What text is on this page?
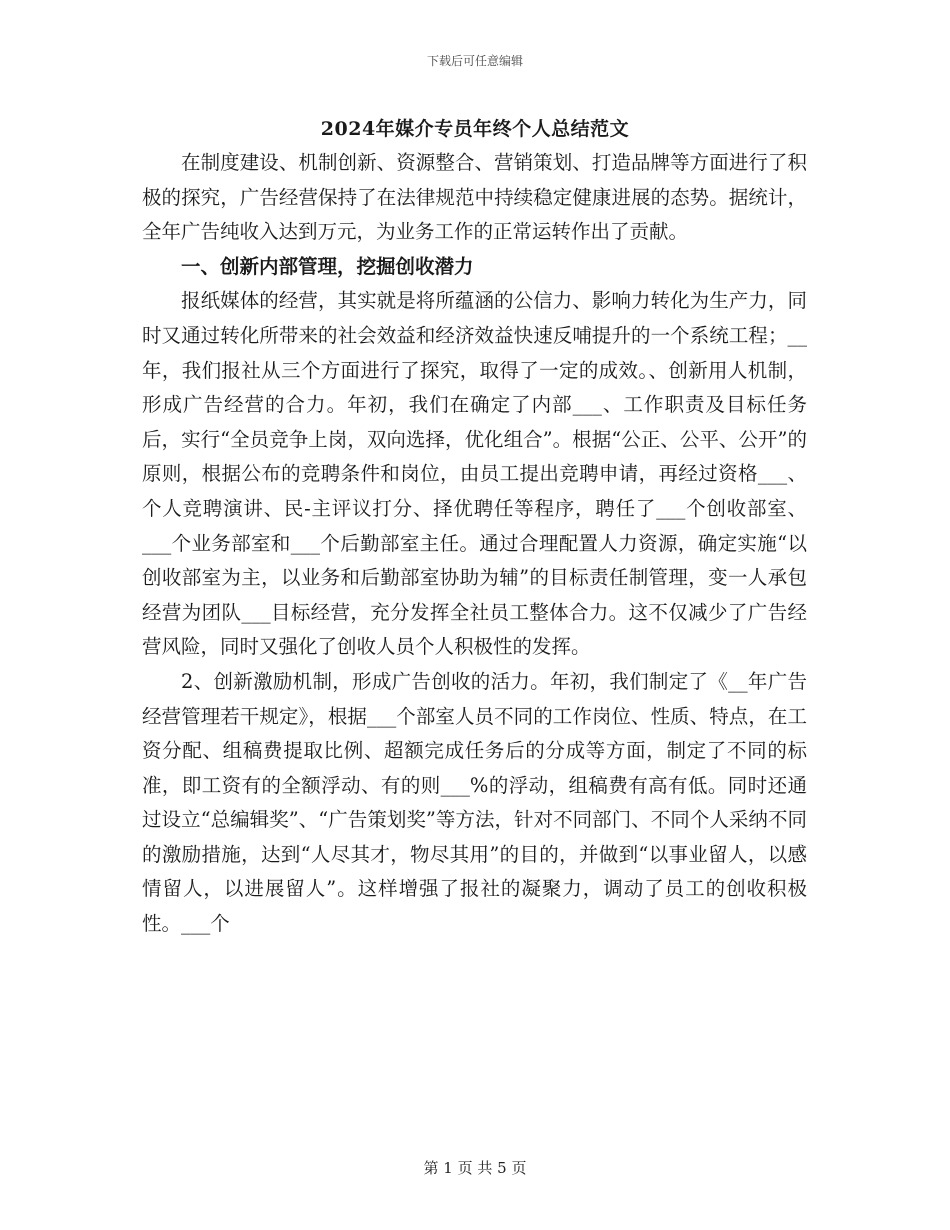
下载后可任意编辑
2024年媒介专员年终个人总结范文

在制度建设、机制创新、资源整合、营销策划、打造品牌等方面进行了积极的探究，广告经营保持了在法律规范中持续稳定健康进展的态势。据统计，全年广告纯收入达到万元，为业务工作的正常运转作出了贡献。

一、创新内部管理，挖掘创收潜力

报纸媒体的经营，其实就是将所蕴涵的公信力、影响力转化为生产力，同时又通过转化所带来的社会效益和经济效益快速反哺提升的一个系统工程；__年，我们报社从三个方面进行了探究，取得了一定的成效。、创新用人机制，形成广告经营的合力。年初，我们在确定了内部___、工作职责及目标任务后，实行“全员竞争上岗，双向选择，优化组合”。根据“公正、公平、公开”的原则，根据公布的竞聘条件和岗位，由员工提出竞聘申请，再经过资格___、个人竞聘演讲、民-主评议打分、择优聘任等程序，聘任了___个创收部室、___个业务部室和___个后勤部室主任。通过合理配置人力资源，确定实施“以创收部室为主，以业务和后勤部室协助为辅”的目标责任制管理，变一人承包经营为团队___目标经营，充分发挥全社员工整体合力。这不仅减少了广告经营风险，同时又强化了创收人员个人积极性的发挥。

2、创新激励机制，形成广告创收的活力。年初，我们制定了《__年广告经营管理若干规定》，根据___个部室人员不同的工作岗位、性质、特点，在工资分配、组稿费提取比例、超额完成任务后的分成等方面，制定了不同的标准，即工资有的全额浮动、有的则___%的浮动，组稿费有高有低。同时还通过设立“总编辑奖”、“广告策划奖”等方法，针对不同部门、不同个人采纳不同的激励措施，达到“人尽其才，物尽其用”的目的，并做到“以事业留人，以感情留人，以进展留人”。这样增强了报社的凝聚力，调动了员工的创收积极性。___个

第 1 页 共 5 页
